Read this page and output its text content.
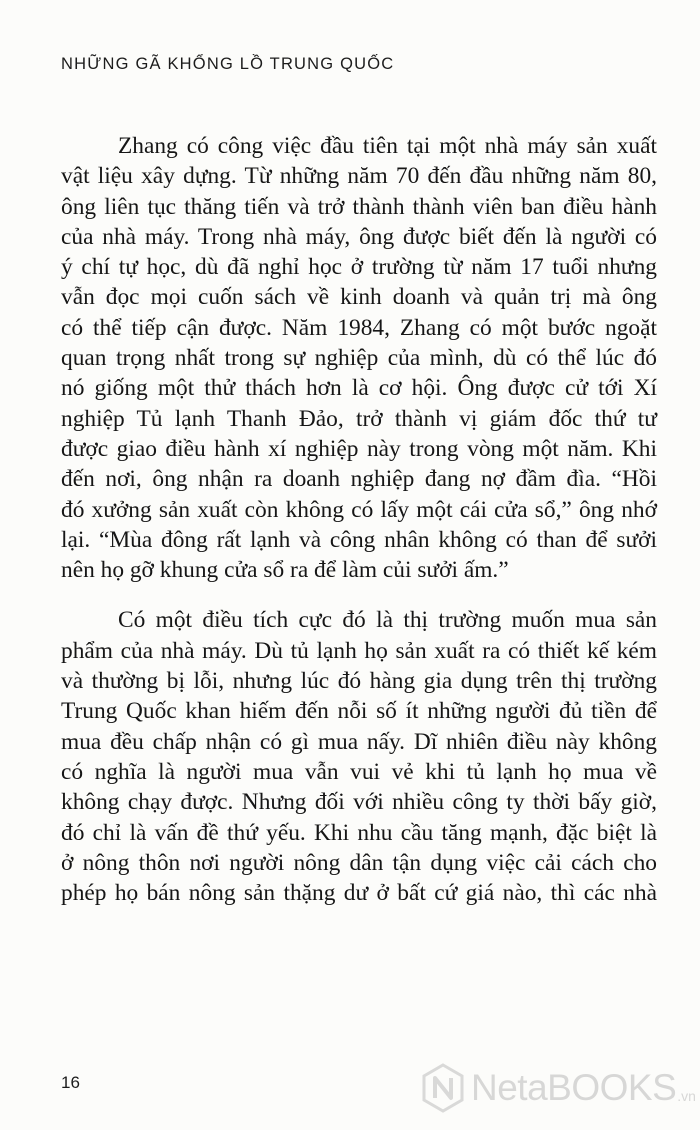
NHỮNG GÃ KHỔNG LỒ TRUNG QUỐC
Zhang có công việc đầu tiên tại một nhà máy sản xuất
vật liệu xây dựng. Từ những năm 70 đến đầu những năm 80,
ông liên tục thăng tiến và trở thành thành viên ban điều hành
của nhà máy. Trong nhà máy, ông được biết đến là người có
ý chí tự học, dù đã nghỉ học ở trường từ năm 17 tuổi nhưng
vẫn đọc mọi cuốn sách về kinh doanh và quản trị mà ông
có thể tiếp cận được. Năm 1984, Zhang có một bước ngoặt
quan trọng nhất trong sự nghiệp của mình, dù có thể lúc đó
nó giống một thử thách hơn là cơ hội. Ông được cử tới Xí
nghiệp Tủ lạnh Thanh Đảo, trở thành vị giám đốc thứ tư
được giao điều hành xí nghiệp này trong vòng một năm. Khi
đến nơi, ông nhận ra doanh nghiệp đang nợ đầm đìa. “Hồi
đó xưởng sản xuất còn không có lấy một cái cửa sổ,” ông nhớ
lại. “Mùa đông rất lạnh và công nhân không có than để sưởi
nên họ gỡ khung cửa sổ ra để làm củi sưởi ấm.”
Có một điều tích cực đó là thị trường muốn mua sản
phẩm của nhà máy. Dù tủ lạnh họ sản xuất ra có thiết kế kém
và thường bị lỗi, nhưng lúc đó hàng gia dụng trên thị trường
Trung Quốc khan hiếm đến nỗi số ít những người đủ tiền để
mua đều chấp nhận có gì mua nấy. Dĩ nhiên điều này không
có nghĩa là người mua vẫn vui vẻ khi tủ lạnh họ mua về
không chạy được. Nhưng đối với nhiều công ty thời bấy giờ,
đó chỉ là vấn đề thứ yếu. Khi nhu cầu tăng mạnh, đặc biệt là
ở nông thôn nơi người nông dân tận dụng việc cải cách cho
phép họ bán nông sản thặng dư ở bất cứ giá nào, thì các nhà
16	NetaBOOKS .vn
